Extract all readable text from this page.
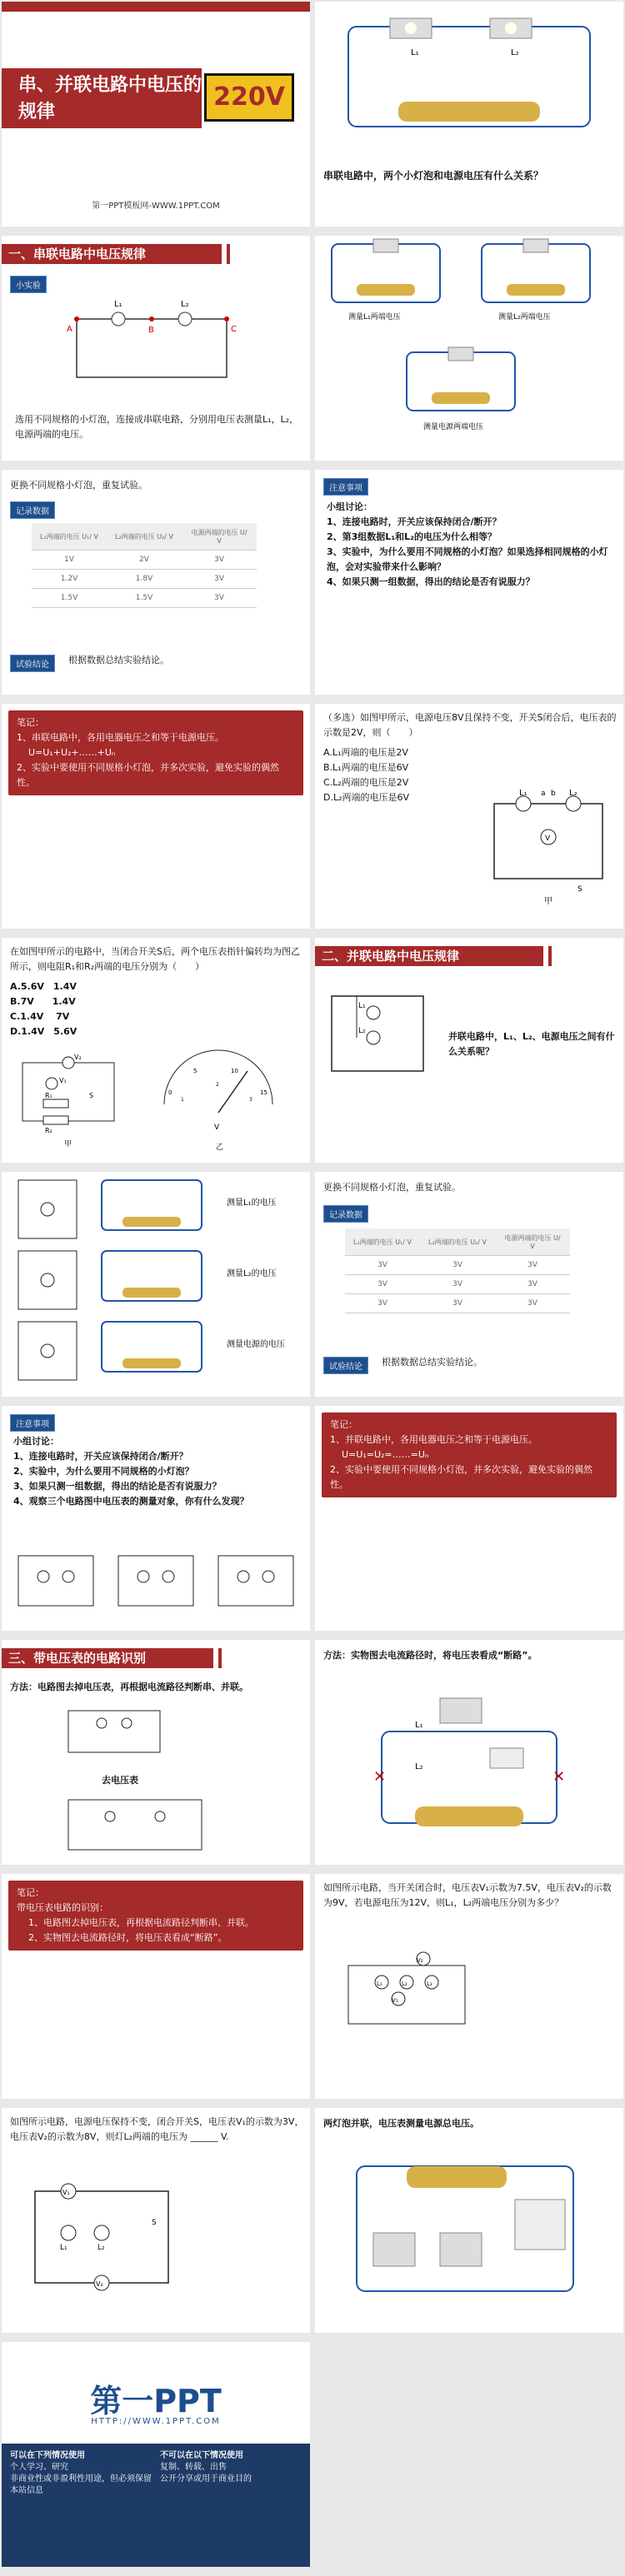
串、并联电路中电压的规律
220V
第一PPT模板网-WWW.1PPT.COM
L₁	L₂
串联电路中，两个小灯泡和电源电压有什么关系？
一、串联电路中电压规律
小实验
L₁	L₂
A	B	C
选用不同规格的小灯泡，连接成串联电路，分别用电压表测量L₁，L₂，电源两端的电压。
测量L₁两端电压	测量L₂两端电压
测量电源两端电压
更换不同规格小灯泡，重复试验。
记录数据
L₁两端的电压 U₁/ V	L₂两端的电压 U₂/ V	电源两端的电压 U/ V
1V	2V	3V
1.2V	1.8V	3V
1.5V	1.5V	3V
试验结论	根据数据总结实验结论。
注意事项
小组讨论：
1、连接电路时，开关应该保持闭合/断开？
2、第3组数据L₁和L₂的电压为什么相等？
3、实验中，为什么要用不同规格的小灯泡？如果选择相同规格的小灯泡，会对实验带来什么影响？
4、如果只测一组数据，得出的结论是否有说服力？
笔记：
1、串联电路中，各用电器电压之和等于电源电压。
U=U₁+U₂+……+Uₙ
2、实验中要使用不同规格小灯泡，并多次实验，避免实验的偶然性。
（多选）如图甲所示，电源电压8V且保持不变，开关S闭合后，电压表的示数是2V，则（　　）
A.L₁两端的电压是2V
B.L₁两端的电压是6V
C.L₂两端的电压是2V
D.L₂两端的电压是6V	L₁	L₂
a b
S
V
甲
在如图甲所示的电路中，当闭合开关S后，两个电压表指针偏转均为图乙所示，则电阻R₁和R₂两端的电压分别为（　　）
A.5.6V　1.4V
B.7V　　1.4V
C.1.4V　 7V
D.1.4V　5.6V
V₂
V₁
R₁
R₂
S
甲
0
5	10
15
1
2
3
V
乙
二、并联电路中电压规律
L₁
L₂	并联电路中，L₁、L₂、电源电压之间有什么关系呢？
测量L₁的电压
测量L₂的电压
测量电源的电压
更换不同规格小灯泡，重复试验。
记录数据
L₁两端的电压 U₁/ V	L₂两端的电压 U₂/ V	电源两端的电压 U/ V
3V	3V	3V
3V	3V	3V
3V	3V	3V
试验结论	根据数据总结实验结论。
注意事项
小组讨论：
1、连接电路时，开关应该保持闭合/断开？
2、实验中，为什么要用不同规格的小灯泡？
3、如果只测一组数据，得出的结论是否有说服力？
4、观察三个电路图中电压表的测量对象，你有什么发现？
笔记：
1、并联电路中，各用电器电压之和等于电源电压。
U=U₁=U₂=……=Uₙ
2、实验中要使用不同规格小灯泡，并多次实验，避免实验的偶然性。
三、带电压表的电路识别
方法：电路图去掉电压表，再根据电流路径判断串、并联。
去电压表
方法：实物图去电流路径时，将电压表看成“断路”。
L₁
L₂
✕	✕
笔记：
带电压表电路的识别：
1、电路图去掉电压表，再根据电流路径判断串、并联。
2、实物图去电流路径时，将电压表看成“断路”。
如图所示电路，当开关闭合时，电压表V₁示数为7.5V，电压表V₂的示数为9V，若电源电压为12V，则L₁，L₂两端电压分别为多少？
V₂
V₁
L₁	L₂	L₃
如图所示电路，电源电压保持不变，闭合开关S，电压表V₁的示数为3V，电压表V₂的示数为8V，则灯L₂两端的电压为 ______ V.
V₁
V₂
L₁	L₂
S
两灯泡并联，电压表测量电源总电压。
第一PPT
HTTP://WWW.1PPT.COM
可以在下列情况使用
个人学习、研究
非商业性或非盈利性用途，但必须保留本站信息
不可以在以下情况使用
复制、转载、出售
公开分享或用于商业目的
